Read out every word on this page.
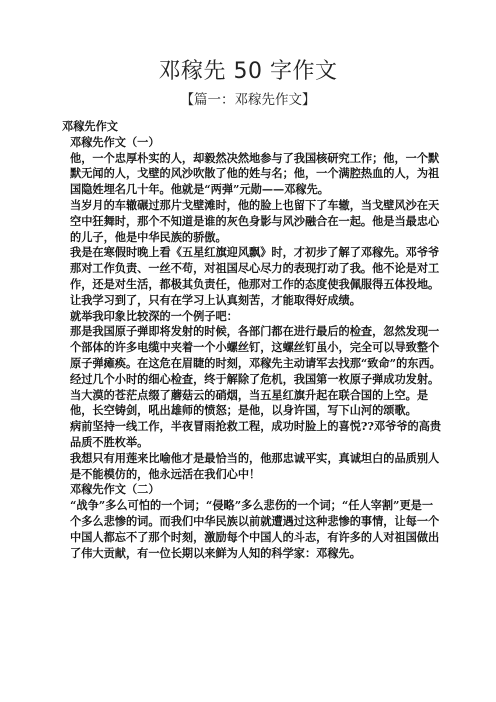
邓稼先 50 字作文
【篇一：邓稼先作文】

邓稼先作文

邓稼先作文（一）

他，一个忠厚朴实的人，却毅然决然地参与了我国核研究工作；他，一个默默无闻的人，戈壁的风沙吹散了他的姓与名；他，一个满腔热血的人，为祖国隐姓埋名几十年。他就是“两弹”元勋——邓稼先。

当岁月的车辙碾过那片戈壁滩时，他的脸上也留下了车辙，当戈壁风沙在天空中狂舞时，那个不知道是谁的灰色身影与风沙融合在一起。他是当最忠心的儿子，他是中华民族的骄傲。

我是在寒假时晚上看《五星红旗迎风飘》时，才初步了解了邓稼先。邓爷爷那对工作负责、一丝不苟，对祖国尽心尽力的表现打动了我。他不论是对工作，还是对生活，都极其负责任，他那对工作的态度使我佩服得五体投地。让我学习到了，只有在学习上认真刻苦，才能取得好成绩。

就举我印象比较深的一个例子吧：

那是我国原子弹即将发射的时候，各部门都在进行最后的检查，忽然发现一个部体的许多电缆中夹着一个小螺丝钉，这螺丝钉虽小，完全可以导致整个原子弹瘫痪。在这危在眉睫的时刻，邓稼先主动请军去找那“致命”的东西。经过几个小时的细心检查，终于解除了危机，我国第一枚原子弹成功发射。

当大漠的苍茫点缀了蘑菇云的硝烟，当五星红旗升起在联合国的上空。是他，长空铸剑，吼出雄师的愤怒；是他，以身许国，写下山河的颂歌。

病前坚持一线工作，半夜冒雨抢救工程，成功时脸上的喜悦??邓爷爷的高贵品质不胜枚举。

我想只有用莲来比喻他才是最恰当的，他那忠诚平实，真诚坦白的品质别人是不能模仿的，他永远活在我们心中！

邓稼先作文（二）

“战争”多么可怕的一个词；“侵略”多么悲伤的一个词；“任人宰割”更是一个多么悲惨的词。而我们中华民族以前就遭遇过这种悲惨的事情，让每一个中国人都忘不了那个时刻，激励每个中国人的斗志，有许多的人对祖国做出了伟大贡献，有一位长期以来鲜为人知的科学家：邓稼先。
